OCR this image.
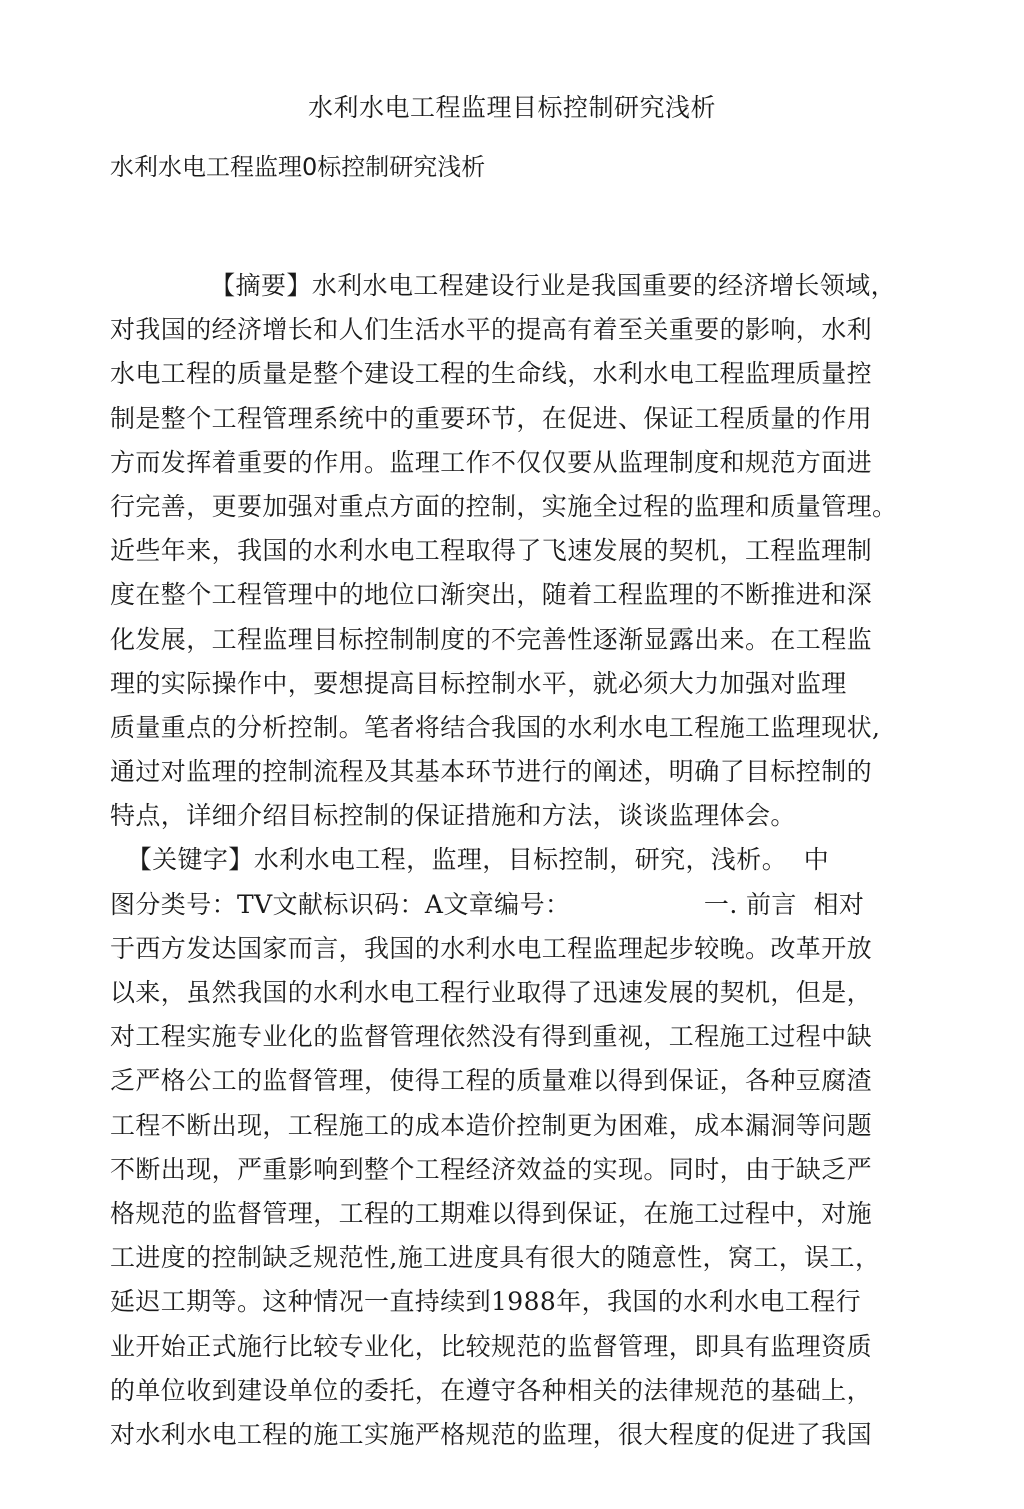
水利水电工程监理目标控制研究浅析
水利水电工程监理0标控制研究浅析
【摘要】水利水电工程建设行业是我国重要的经济增长领域，
对我国的经济增长和人们生活水平的提高有着至关重要的影响，水利
水电工程的质量是整个建设工程的生命线，水利水电工程监理质量控
制是整个工程管理系统中的重要环节，在促进、保证工程质量的作用
方而发挥着重要的作用。监理工作不仅仅要从监理制度和规范方面进
行完善，更要加强对重点方面的控制，实施全过程的监理和质量管理。
近些年来，我国的水利水电工程取得了飞速发展的契机，工程监理制
度在整个工程管理中的地位口渐突出，随着工程监理的不断推进和深
化发展，工程监理目标控制制度的不完善性逐渐显露出来。在工程监
理的实际操作中，要想提高目标控制水平，就必须大力加强对监理
质量重点的分析控制。笔者将结合我国的水利水电工程施工监理现状,
通过对监理的控制流程及其基本环节进行的阐述，明确了目标控制的
特点，详细介绍目标控制的保证措施和方法，谈谈监理体会。
【关键字】水利水电工程，监理，目标控制，研究，浅析。  中
图分类号：TV文献标识码：A文章编号：                一. 前言  相对
于西方发达国家而言，我国的水利水电工程监理起步较晚。改革开放
以来，虽然我国的水利水电工程行业取得了迅速发展的契机，但是，
对工程实施专业化的监督管理依然没有得到重视，工程施工过程中缺
乏严格公工的监督管理，使得工程的质量难以得到保证，各种豆腐渣
工程不断出现，工程施工的成本造价控制更为困难，成本漏洞等问题
不断出现，严重影响到整个工程经济效益的实现。同时，由于缺乏严
格规范的监督管理，工程的工期难以得到保证，在施工过程中，对施
工进度的控制缺乏规范性,施工进度具有很大的随意性，窝工，误工，
延迟工期等。这种情况一直持续到1988年，我国的水利水电工程行
业开始正式施行比较专业化，比较规范的监督管理，即具有监理资质
的单位收到建设单位的委托，在遵守各种相关的法律规范的基础上，
对水利水电工程的施工实施严格规范的监理，很大程度的促进了我国
